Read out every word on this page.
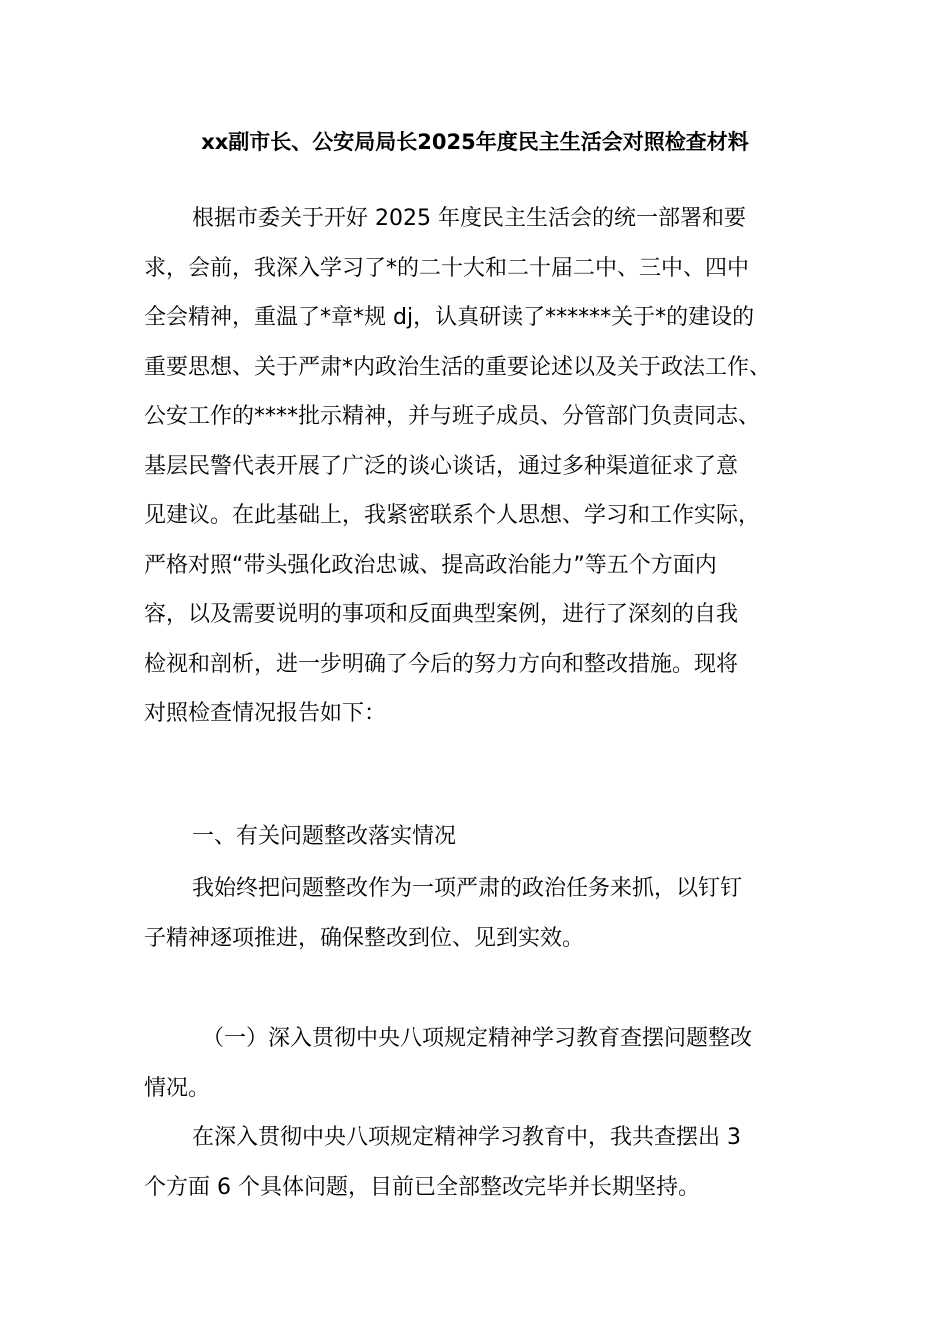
xx副市长、公安局局长2025年度民主生活会对照检查材料
根据市委关于开好 2025 年度民主生活会的统一部署和要
求，会前，我深入学习了*的二十大和二十届二中、三中、四中
全会精神，重温了*章*规 dj，认真研读了******关于*的建设的
重要思想、关于严肃*内政治生活的重要论述以及关于政法工作、
公安工作的****批示精神，并与班子成员、分管部门负责同志、
基层民警代表开展了广泛的谈心谈话，通过多种渠道征求了意
见建议。在此基础上，我紧密联系个人思想、学习和工作实际，
严格对照“带头强化政治忠诚、提高政治能力”等五个方面内
容，以及需要说明的事项和反面典型案例，进行了深刻的自我
检视和剖析，进一步明确了今后的努力方向和整改措施。现将
对照检查情况报告如下：
一、有关问题整改落实情况
我始终把问题整改作为一项严肃的政治任务来抓，以钉钉
子精神逐项推进，确保整改到位、见到实效。
（一）深入贯彻中央八项规定精神学习教育查摆问题整改
情况。
在深入贯彻中央八项规定精神学习教育中，我共查摆出 3
个方面 6 个具体问题，目前已全部整改完毕并长期坚持。
